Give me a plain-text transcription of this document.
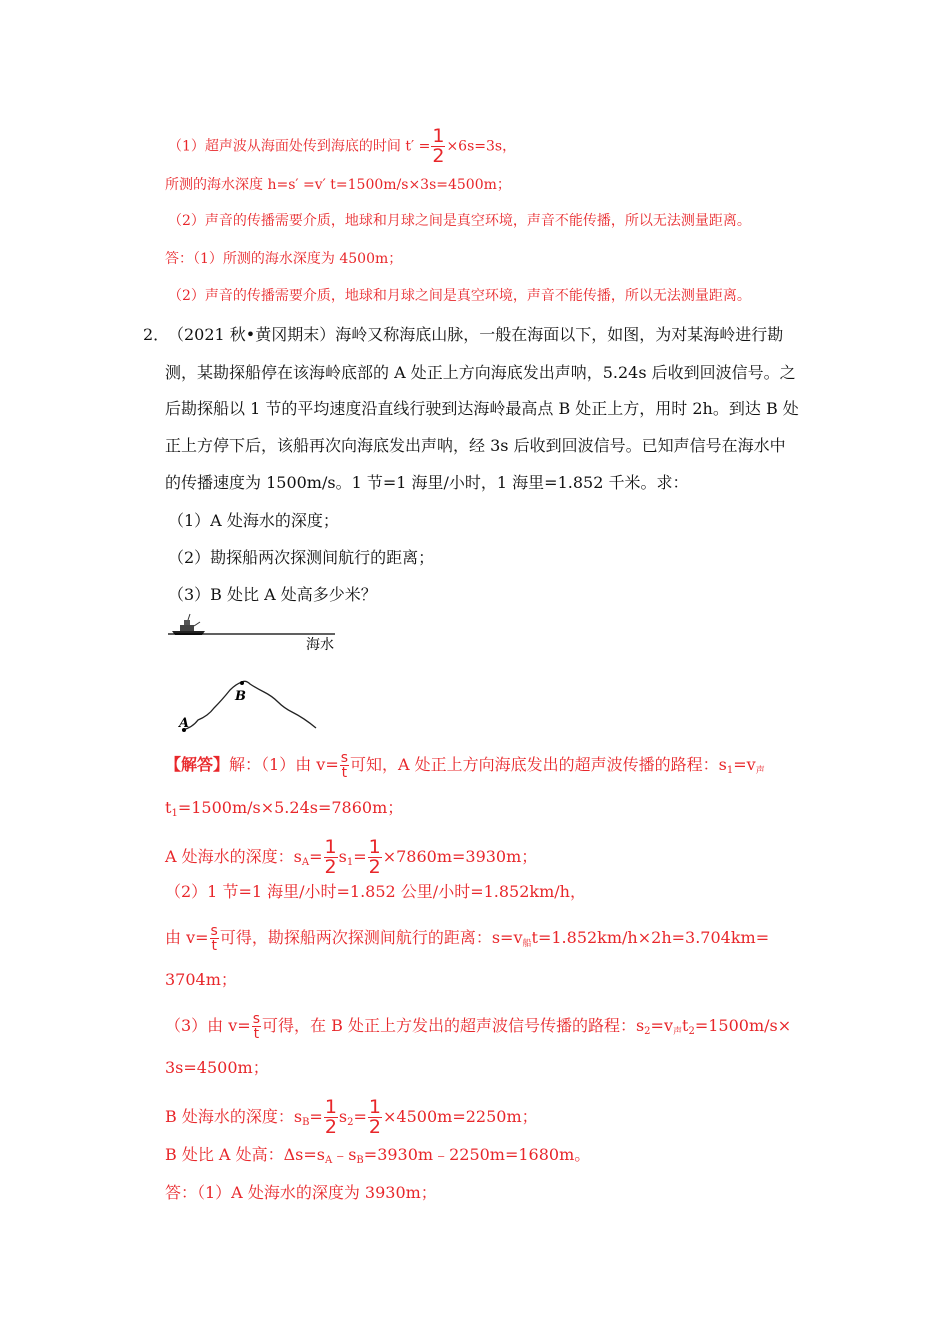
（1）超声波从海面处传到海底的时间 $t' = \frac{1}{2} \times 6s=3s$，
所测的海水深度 h=s′ =v′ t=1500m/s×3s=4500m；
（2）声音的传播需要介质，地球和月球之间是真空环境，声音不能传播，所以无法测量距离。
答：（1）所测的海水深度为 4500m；
（2）声音的传播需要介质，地球和月球之间是真空环境，声音不能传播，所以无法测量距离。
2．
（2021 秋•黄冈期末）海岭又称海底山脉，一般在海面以下，如图，为对某海岭进行勘
测，某勘探船停在该海岭底部的 A 处正上方向海底发出声呐，5.24s 后收到回波信号。之
后勘探船以 1 节的平均速度沿直线行驶到达海岭最高点 B 处正上方，用时 2h。到达 B 处
正上方停下后，该船再次向海底发出声呐，经 3s 后收到回波信号。已知声信号在海水中
的传播速度为 1500m/s。1 节=1 海里/小时，1 海里=1.852 千米。求：
（1）A 处海水的深度；
（2）勘探船两次探测间航行的距离；
（3）B 处比 A 处高多少米？
海水
A
B
【解答】解：（1）由 $v= \frac{s}{t}$ 可知，A 处正上方向海底发出的超声波传播的路程：$s_1=v$声
$t_1=1500m/s\times 5.24s=7860m$；
A 处海水的深度：$s_A= \frac{1}{2} s_1= \frac{1}{2} \times 7860m=3930m$；
（2）1 节=1 海里/小时=1.852 公里/小时=1.852km/h，
由 $v= \frac{s}{t}$ 可得，勘探船两次探测间航行的距离：s=v船t=1.852km/h×2h=3.704km=
3704m；
（3）由 $v= \frac{s}{t}$ 可得，在 B 处正上方发出的超声波信号传播的路程：$s_2=v$声$t_2=1500m/s\times$
3s=4500m；
B 处海水的深度：$s_B= \frac{1}{2} s_2= \frac{1}{2} \times 4500m=2250m$；
B 处比 A 处高：$\Delta s=s_A﹣s_B=3930m﹣2250m=1680m$。
答：（1）A 处海水的深度为 3930m；
